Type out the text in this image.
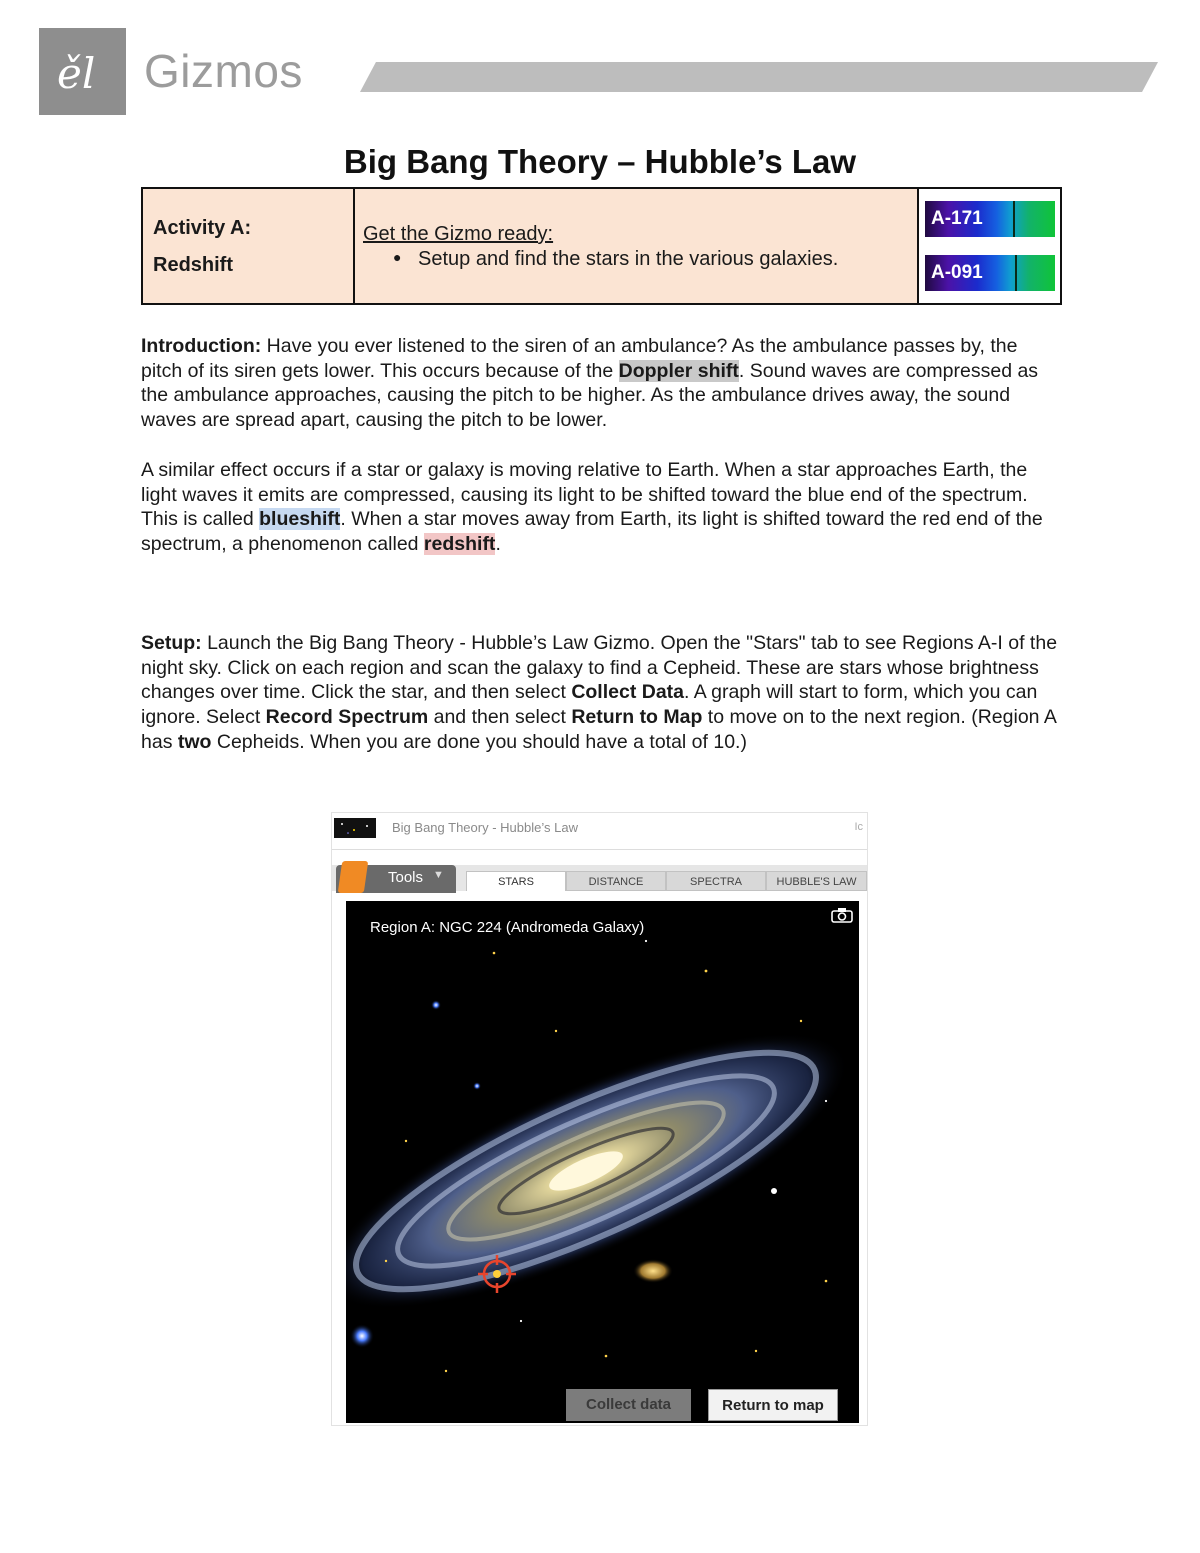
ěl Gizmos
Big Bang Theory – Hubble’s Law
Activity A:
Redshift
Get the Gizmo ready:
● Setup and find the stars in the various galaxies.
A-171
A-091

Introduction: Have you ever listened to the siren of an ambulance? As the ambulance passes by, the pitch of its siren gets lower. This occurs because of the Doppler shift. Sound waves are compressed as the ambulance approaches, causing the pitch to be higher. As the ambulance drives away, the sound waves are spread apart, causing the pitch to be lower.

A similar effect occurs if a star or galaxy is moving relative to Earth. When a star approaches Earth, the light waves it emits are compressed, causing its light to be shifted toward the blue end of the spectrum. This is called blueshift. When a star moves away from Earth, its light is shifted toward the red end of the spectrum, a phenomenon called redshift.

Setup: Launch the Big Bang Theory - Hubble’s Law Gizmo. Open the "Stars" tab to see Regions A-I of the night sky. Click on each region and scan the galaxy to find a Cepheid. These are stars whose brightness changes over time. Click the star, and then select Collect Data. A graph will start to form, which you can ignore. Select Record Spectrum and then select Return to Map to move on to the next region. (Region A has two Cepheids. When you are done you should have a total of 10.)

Big Bang Theory - Hubble’s Law	Ic
Tools ▼
STARS	DISTANCE	SPECTRA	HUBBLE'S LAW
Region A: NGC 224 (Andromeda Galaxy)
Collect data	Return to map
